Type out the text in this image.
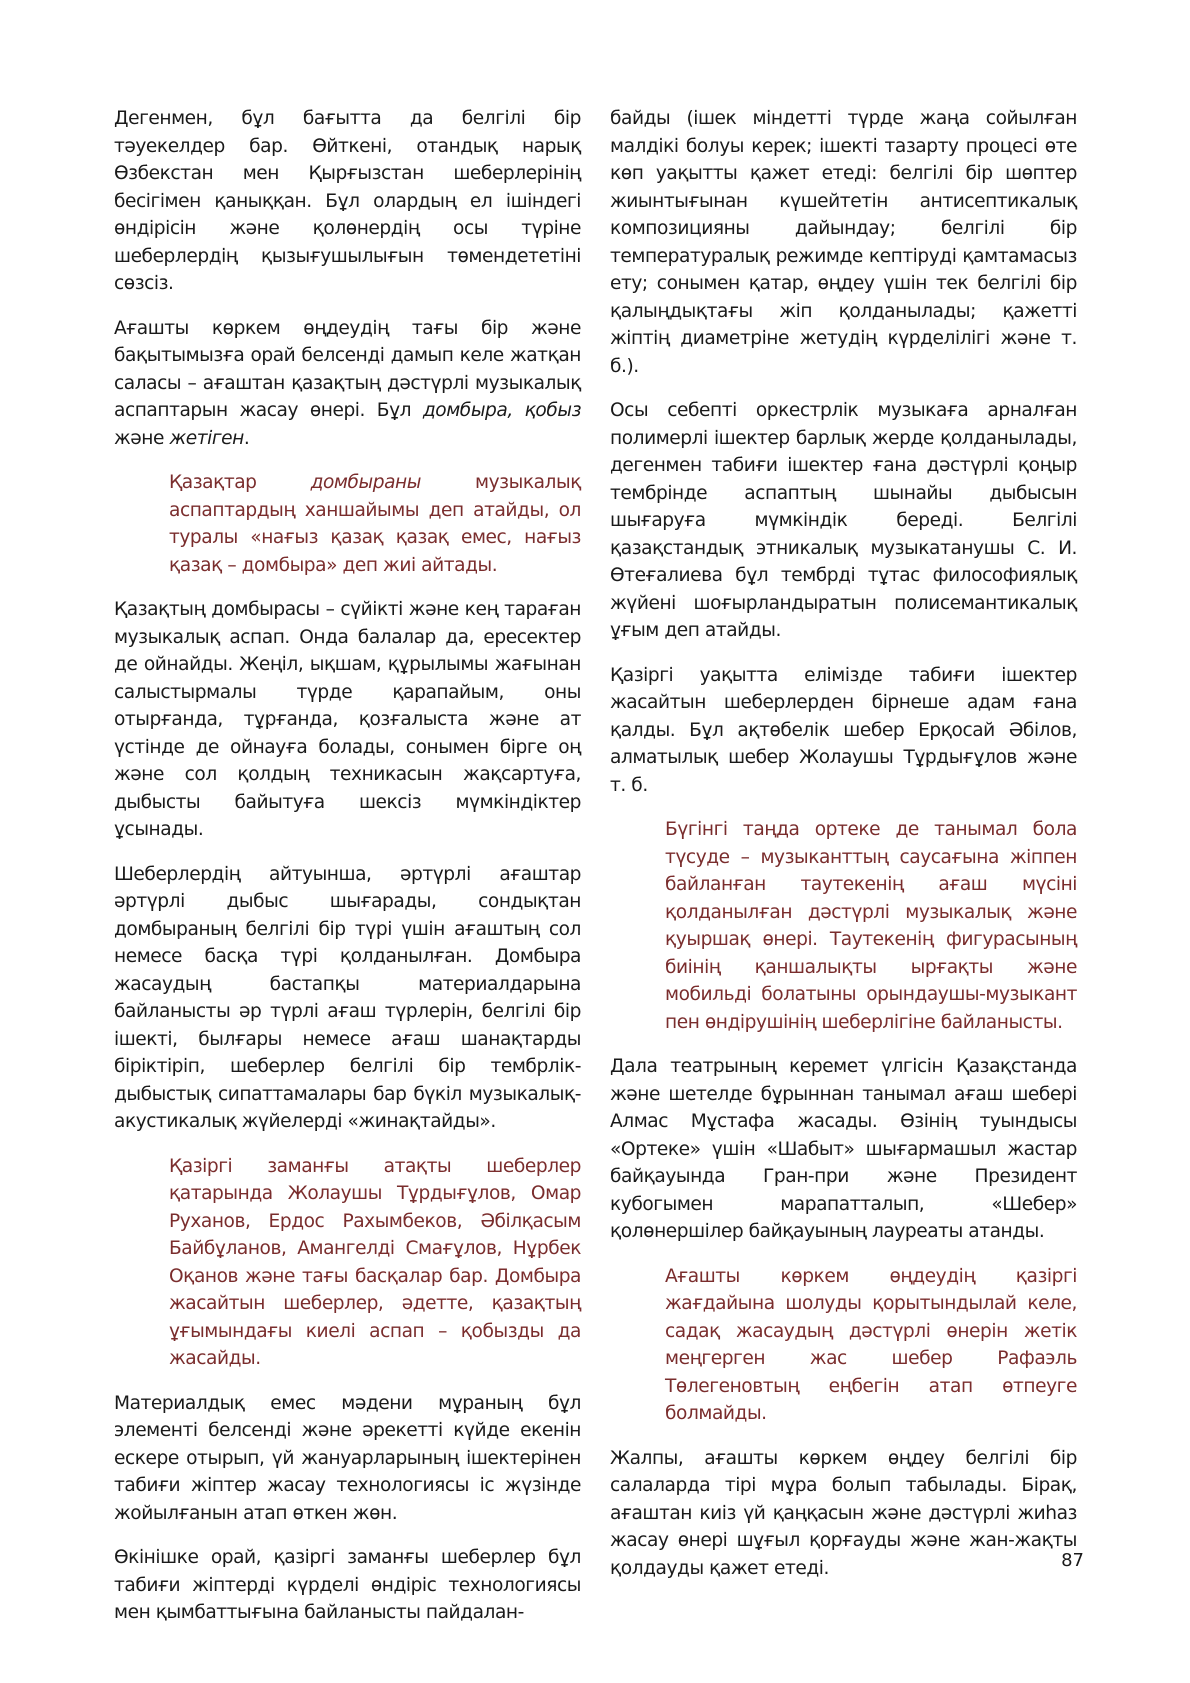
Дегенмен, бұл бағытта да белгілі бір тәуекелдер бар. Өйткені, отандық нарық Өзбекстан мен Қырғызстан шеберлерінің бесігімен қаныққан. Бұл олардың ел ішіндегі өндірісін және қолөнердің осы түріне шеберлердің қызығушылығын төмендететіні сөзсіз.

Ағашты көркем өңдеудің тағы бір және бақытымызға орай белсенді дамып келе жатқан саласы – ағаштан қазақтың дәстүрлі музыкалық аспаптарын жасау өнері. Бұл домбыра, қобыз және жетіген.

Қазақтар домбыраны музыкалық аспаптардың ханшайымы деп атайды, ол туралы «нағыз қазақ қазақ емес, нағыз қазақ – домбыра» деп жиі айтады.

Қазақтың домбырасы – сүйікті және кең тараған музыкалық аспап. Онда балалар да, ересектер де ойнайды. Жеңіл, ықшам, құрылымы жағынан салыстырмалы түрде қарапайым, оны отырғанда, тұрғанда, қозғалыста және ат үстінде де ойнауға болады, сонымен бірге оң және сол қолдың техникасын жақсартуға, дыбысты байытуға шексіз мүмкіндіктер ұсынады.

Шеберлердің айтуынша, әртүрлі ағаштар әртүрлі дыбыс шығарады, сондықтан домбыраның белгілі бір түрі үшін ағаштың сол немесе басқа түрі қолданылған. Домбыра жасаудың бастапқы материалдарына байланысты әр түрлі ағаш түрлерін, белгілі бір ішекті, былғары немесе ағаш шанақтарды біріктіріп, шеберлер белгілі бір тембрлік-дыбыстық сипаттамалары бар бүкіл музыкалық-акустикалық жүйелерді «жинақтайды».

Қазіргі заманғы атақты шеберлер қатарында Жолаушы Тұрдығұлов, Омар Руханов, Ердос Рахымбеков, Әбілқасым Байбұланов, Амангелді Смағұлов, Нұрбек Оқанов және тағы басқалар бар. Домбыра жасайтын шеберлер, әдетте, қазақтың ұғымындағы киелі аспап – қобызды да жасайды.

Материалдық емес мәдени мұраның бұл элементі белсенді және әрекетті күйде екенін ескере отырып, үй жануарларының ішектерінен табиғи жіптер жасау технологиясы іс жүзінде жойылғанын атап өткен жөн.

Өкінішке орай, қазіргі заманғы шеберлер бұл табиғи жіптерді күрделі өндіріс технологиясы мен қымбаттығына байланысты пайдалан-

байды (ішек міндетті түрде жаңа сойылған малдікі болуы керек; ішекті тазарту процесі өте көп уақытты қажет етеді: белгілі бір шөптер жиынтығынан күшейтетін антисептикалық композицияны дайындау; белгілі бір температуралық режимде кептіруді қамтамасыз ету; сонымен қатар, өңдеу үшін тек белгілі бір қалыңдықтағы жіп қолданылады; қажетті жіптің диаметріне жетудің күрделілігі және т. б.).

Осы себепті оркестрлік музыкаға арналған полимерлі ішектер барлық жерде қолданылады, дегенмен табиғи ішектер ғана дәстүрлі қоңыр тембрінде аспаптың шынайы дыбысын шығаруға мүмкіндік береді. Белгілі қазақстандық этникалық музыкатанушы С. И. Өтеғалиева бұл тембрді тұтас философиялық жүйені шоғырландыратын полисемантикалық ұғым деп атайды.

Қазіргі уақытта елімізде табиғи ішектер жасайтын шеберлерден бірнеше адам ғана қалды. Бұл ақтөбелік шебер Ерқосай Әбілов, алматылық шебер Жолаушы Тұрдығұлов және т. б.

Бүгінгі таңда ортеке де танымал бола түсуде – музыканттың саусағына жіппен байланған таутекенің ағаш мүсіні қолданылған дәстүрлі музыкалық және қуыршақ өнері. Таутекенің фигурасының биінің қаншалықты ырғақты және мобильді болатыны орындаушы-музыкант пен өндірушінің шеберлігіне байланысты.

Дала театрының керемет үлгісін Қазақстанда және шетелде бұрыннан танымал ағаш шебері Алмас Мұстафа жасады. Өзінің туындысы «Ортеке» үшін «Шабыт» шығармашыл жастар байқауында Гран-при және Президент кубогымен марапатталып, «Шебер» қолөнершілер байқауының лауреаты атанды.

Ағашты көркем өңдеудің қазіргі жағдайына шолуды қорытындылай келе, садақ жасаудың дәстүрлі өнерін жетік меңгерген жас шебер Рафаэль Төлегеновтың еңбегін атап өтпеуге болмайды.

Жалпы, ағашты көркем өңдеу белгілі бір салаларда тірі мұра болып табылады. Бірақ, ағаштан киіз үй қаңқасын және дәстүрлі жиһаз жасау өнері шұғыл қорғауды және жан-жақты қолдауды қажет етеді.	87
